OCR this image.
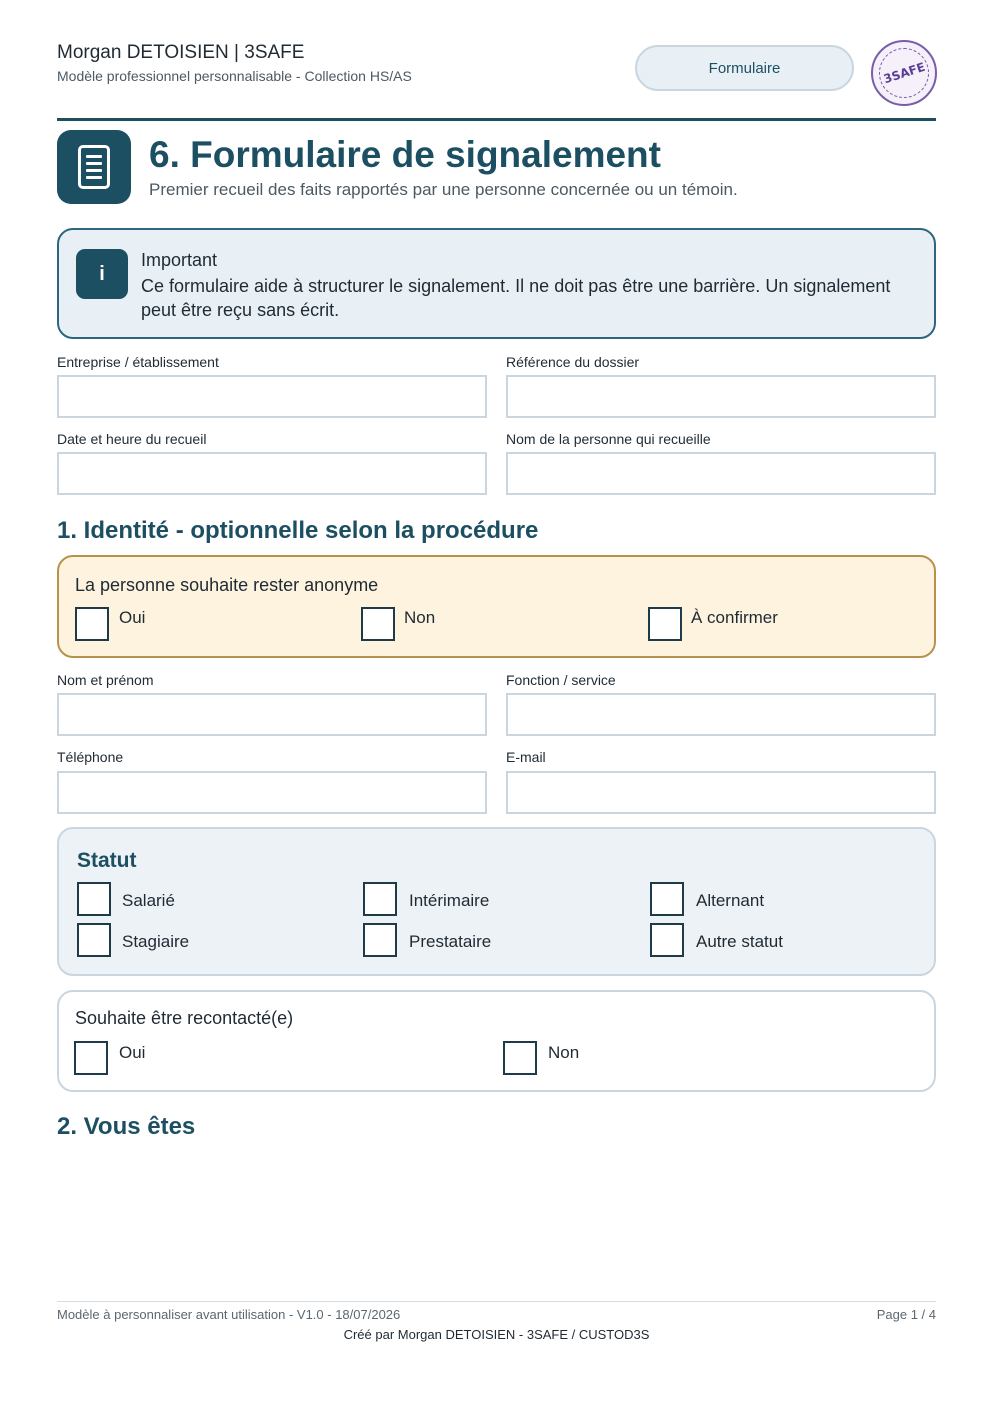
Morgan DETOISIEN | 3SAFE
Modèle professionnel personnalisable - Collection HS/AS	Formulaire	3SAFE
6. Formulaire de signalement
Premier recueil des faits rapportés par une personne concernée ou un témoin.
i
Important
Ce formulaire aide à structurer le signalement. Il ne doit pas être une barrière. Un signalement peut être reçu sans écrit.
Entreprise / établissement	Référence du dossier
Date et heure du recueil	Nom de la personne qui recueille
1. Identité - optionnelle selon la procédure
La personne souhaite rester anonyme
Oui	Non	À confirmer
Nom et prénom	Fonction / service
Téléphone	E-mail
Statut
Salarié	Intérimaire	Alternant
Stagiaire	Prestataire	Autre statut
Souhaite être recontacté(e)
Oui	Non
2. Vous êtes
Modèle à personnaliser avant utilisation - V1.0 - 18/07/2026	Page 1 / 4
Créé par Morgan DETOISIEN - 3SAFE / CUSTOD3S
